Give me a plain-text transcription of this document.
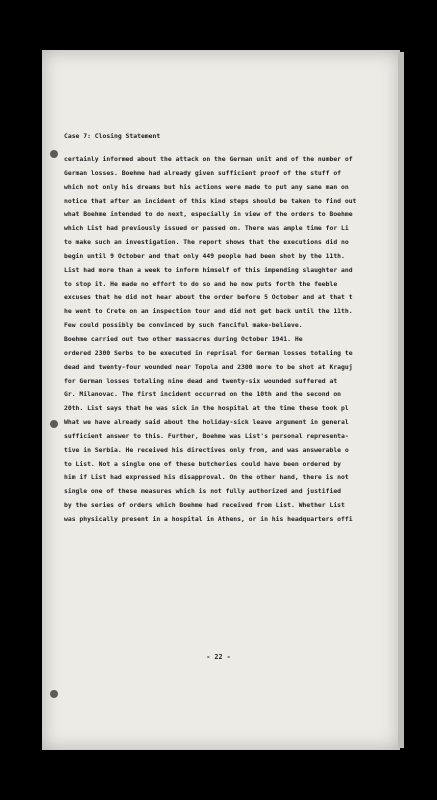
Case 7: Closing Statement
certainly informed about the attack on the German unit and of the number of
German losses. Boehme had already given sufficient proof of the stuff of
which not only his dreams but his actions were made to put any sane man on
notice that after an incident of this kind steps should be taken to find out
what Boehme intended to do next, especially in view of the orders to Boehme
which List had previously issued or passed on. There was ample time for Li
to make such an investigation. The report shows that the executions did no
begin until 9 October and that only 449 people had been shot by the 11th.
List had more than a week to inform himself of this impending slaughter and
to stop it. He made no effort to do so and he now puts forth the feeble
excuses that he did not hear about the order before 5 October and at that t
he went to Crete on an inspection tour and did not get back until the 11th.
Few could possibly be convinced by such fanciful make-believe.
Boehme carried out two other massacres during October 1941. He
ordered 2300 Serbs to be executed in reprisal for German losses totaling te
dead and twenty-four wounded near Topola and 2300 more to be shot at Kraguj
for German losses totaling nine dead and twenty-six wounded suffered at
Gr. Milanovac. The first incident occurred on the 10th and the second on
20th. List says that he was sick in the hospital at the time these took pl
What we have already said about the holiday-sick leave argument in general
sufficient answer to this. Further, Boehme was List's personal representa-
tive in Serbia. He received his directives only from, and was answerable o
to List. Not a single one of these butcheries could have been ordered by
him if List had expressed his disapproval. On the other hand, there is not
single one of these measures which is not fully authorized and justified
by the series of orders which Boehme had received from List. Whether List
was physically present in a hospital in Athens, or in his headquarters offi
- 22 -
